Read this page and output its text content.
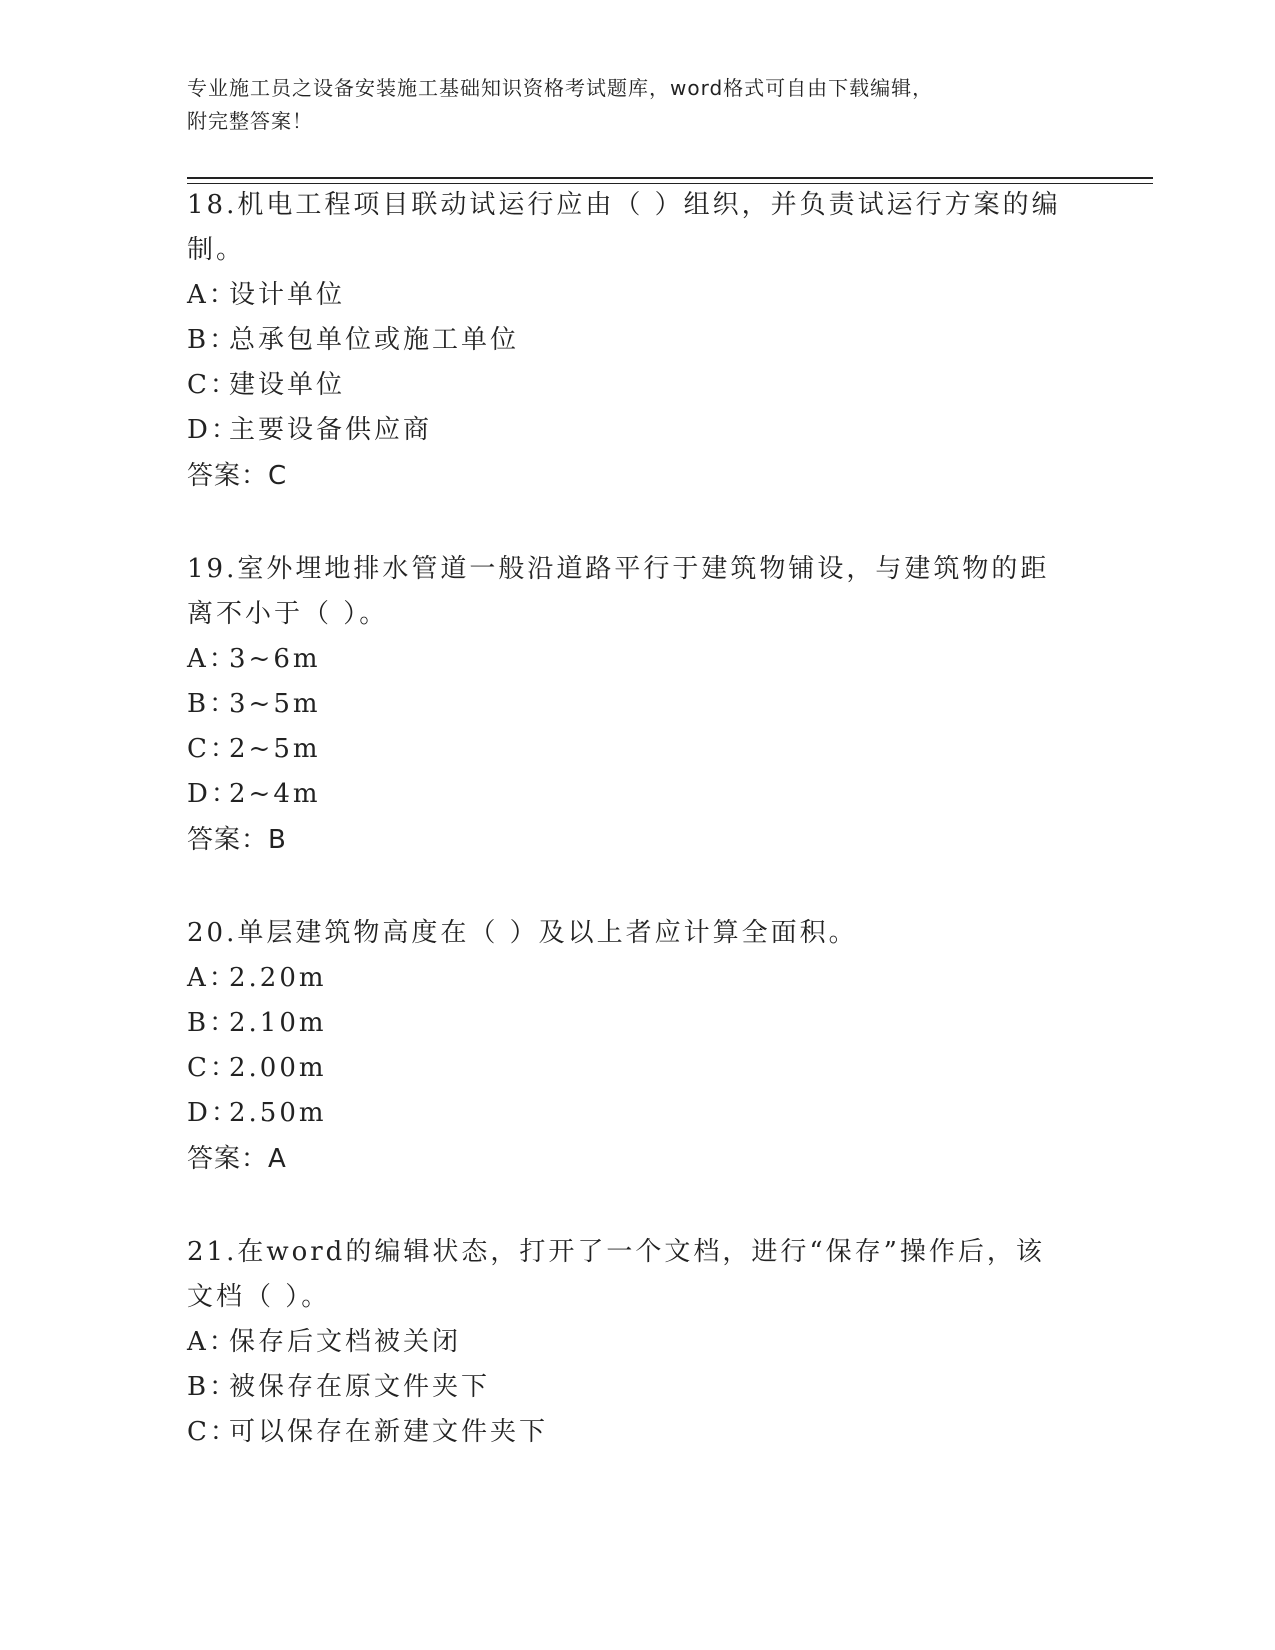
专业施工员之设备安装施工基础知识资格考试题库，word格式可自由下载编辑，
附完整答案！
18.机电工程项目联动试运行应由（ ）组织，并负责试运行方案的编制。
A：设计单位
B：总承包单位或施工单位
C：建设单位
D：主要设备供应商
答案：C
19.室外埋地排水管道一般沿道路平行于建筑物铺设，与建筑物的距离不小于（ ）。
A：3~6m
B：3~5m
C：2~5m
D：2~4m
答案：B
20.单层建筑物高度在（ ）及以上者应计算全面积。
A：2.20m
B：2.10m
C：2.00m
D：2.50m
答案：A
21.在word的编辑状态，打开了一个文档，进行“保存”操作后，该文档（ ）。
A：保存后文档被关闭
B：被保存在原文件夹下
C：可以保存在新建文件夹下
